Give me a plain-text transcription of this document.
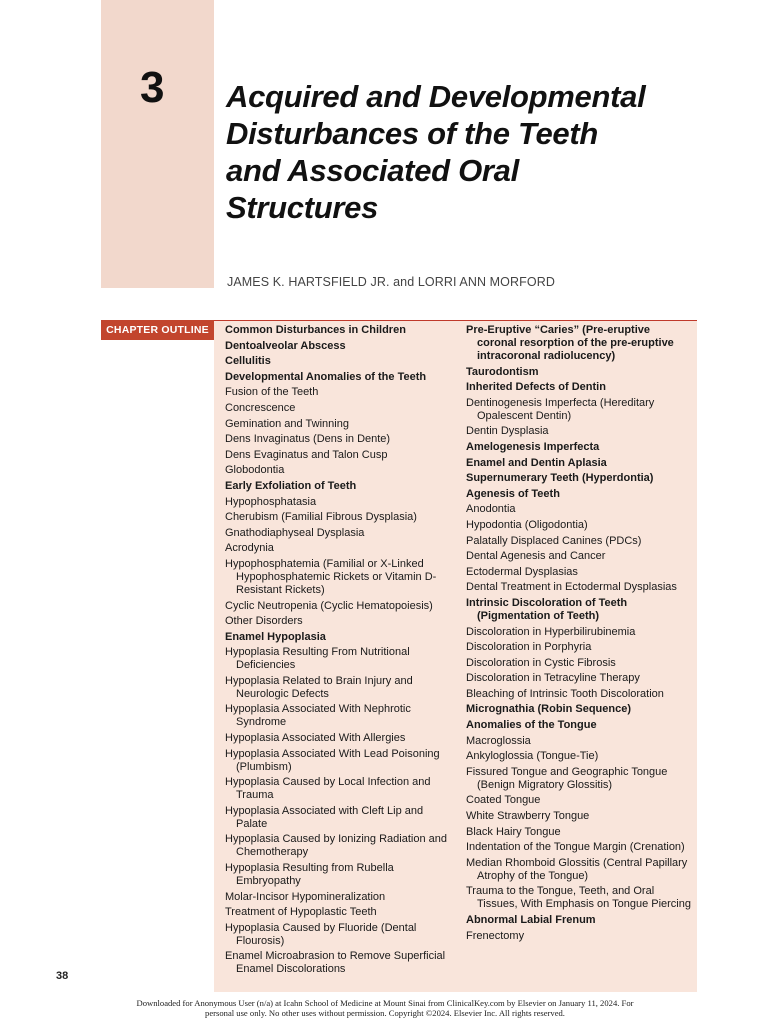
3 Acquired and Developmental Disturbances of the Teeth and Associated Oral Structures
JAMES K. HARTSFIELD JR. and LORRI ANN MORFORD
CHAPTER OUTLINE	Common Disturbances in Children
Dentoalveolar Abscess
Cellulitis
Developmental Anomalies of the Teeth
Fusion of the Teeth
Concrescence
Gemination and Twinning
Dens Invaginatus (Dens in Dente)
Dens Evaginatus and Talon Cusp
Globodontia
Early Exfoliation of Teeth
Hypophosphatasia
Cherubism (Familial Fibrous Dysplasia)
Gnathodiaphyseal Dysplasia
Acrodynia
Hypophosphatemia (Familial or X-Linked Hypophosphatemic Rickets or Vitamin D-Resistant Rickets)
Cyclic Neutropenia (Cyclic Hematopoiesis)
Other Disorders
Enamel Hypoplasia
Hypoplasia Resulting From Nutritional Deficiencies
Hypoplasia Related to Brain Injury and Neurologic Defects
Hypoplasia Associated With Nephrotic Syndrome
Hypoplasia Associated With Allergies
Hypoplasia Associated With Lead Poisoning (Plumbism)
Hypoplasia Caused by Local Infection and Trauma
Hypoplasia Associated with Cleft Lip and Palate
Hypoplasia Caused by Ionizing Radiation and Chemotherapy
Hypoplasia Resulting from Rubella Embryopathy
Molar-Incisor Hypomineralization
Treatment of Hypoplastic Teeth
Hypoplasia Caused by Fluoride (Dental Flourosis)
Enamel Microabrasion to Remove Superficial Enamel Discolorations
Pre-Eruptive “Caries” (Pre-eruptive coronal resorption of the pre-eruptive intracoronal radiolucency)
Taurodontism
Inherited Defects of Dentin
Dentinogenesis Imperfecta (Hereditary Opalescent Dentin)
Dentin Dysplasia
Amelogenesis Imperfecta
Enamel and Dentin Aplasia
Supernumerary Teeth (Hyperdontia)
Agenesis of Teeth
Anodontia
Hypodontia (Oligodontia)
Palatally Displaced Canines (PDCs)
Dental Agenesis and Cancer
Ectodermal Dysplasias
Dental Treatment in Ectodermal Dysplasias
Intrinsic Discoloration of Teeth (Pigmentation of Teeth)
Discoloration in Hyperbilirubinemia
Discoloration in Porphyria
Discoloration in Cystic Fibrosis
Discoloration in Tetracyline Therapy
Bleaching of Intrinsic Tooth Discoloration
Micrognathia (Robin Sequence)
Anomalies of the Tongue
Macroglossia
Ankyloglossia (Tongue-Tie)
Fissured Tongue and Geographic Tongue (Benign Migratory Glossitis)
Coated Tongue
White Strawberry Tongue
Black Hairy Tongue
Indentation of the Tongue Margin (Crenation)
Median Rhomboid Glossitis (Central Papillary Atrophy of the Tongue)
Trauma to the Tongue, Teeth, and Oral Tissues, With Emphasis on Tongue Piercing
Abnormal Labial Frenum
Frenectomy
38

Downloaded for Anonymous User (n/a) at Icahn School of Medicine at Mount Sinai from ClinicalKey.com by Elsevier on January 11, 2024. For personal use only. No other uses without permission. Copyright ©2024. Elsevier Inc. All rights reserved.
